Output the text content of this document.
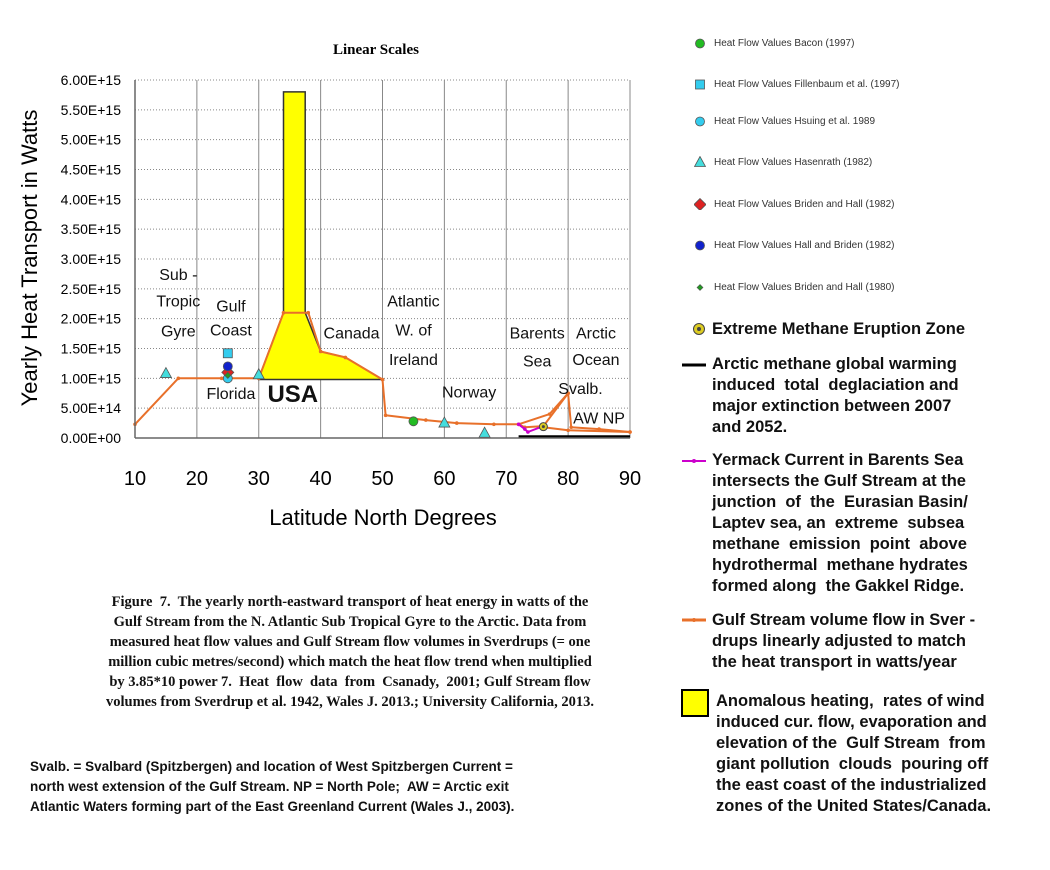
Linear Scales
0.00E+00
5.00E+14
1.00E+15
1.50E+15
2.00E+15
2.50E+15
3.00E+15
3.50E+15
4.00E+15
4.50E+15
5.00E+15
5.50E+15
6.00E+15
10 20 30 40 50 60 70 80 90
Sub -
Tropic
Gyre
Gulf
Coast
Florida USA
Canada
Atlantic
W. of
Ireland
Norway
Barents
Sea
Arctic
Ocean
Svalb.
AW NP
Yearly Heat Transport in Watts
Latitude North Degrees
Heat Flow Values Bacon (1997)
Heat Flow Values Fillenbaum et al. (1997)
Heat Flow Values Hsuing et al. 1989
Heat Flow Values Hasenrath (1982)
Heat Flow Values Briden and Hall (1982)
Heat Flow Values Hall and Briden (1982)
Heat Flow Values Briden and Hall (1980)
Extreme Methane Eruption Zone
Arctic methane global warming
induced  total  deglaciation and
major extinction between 2007
and 2052.
Yermack Current in Barents Sea
intersects the Gulf Stream at the
junction  of  the  Eurasian Basin/
Laptev sea, an  extreme  subsea
methane  emission  point  above
hydrothermal  methane hydrates
formed along  the Gakkel Ridge.
Gulf Stream volume flow in Sver -
drups linearly adjusted to match
the heat transport in watts/year
Anomalous heating,  rates of wind
induced cur. flow, evaporation and
elevation of the  Gulf Stream  from
giant pollution  clouds  pouring off
the east coast of the industrialized
zones of the United States/Canada.
Figure  7.  The yearly north-eastward transport of heat energy in watts of the
Gulf Stream from the N. Atlantic Sub Tropical Gyre to the Arctic. Data from
measured heat flow values and Gulf Stream flow volumes in Sverdrups (= one
million cubic metres/second) which match the heat flow trend when multiplied
by 3.85*10 power 7.  Heat  flow  data  from  Csanady,  2001; Gulf Stream flow
volumes from Sverdrup et al. 1942, Wales J. 2013.; University California, 2013.
Svalb. = Svalbard (Spitzbergen) and location of West Spitzbergen Current =
north west extension of the Gulf Stream. NP = North Pole;  AW = Arctic exit
Atlantic Waters forming part of the East Greenland Current (Wales J., 2003).
